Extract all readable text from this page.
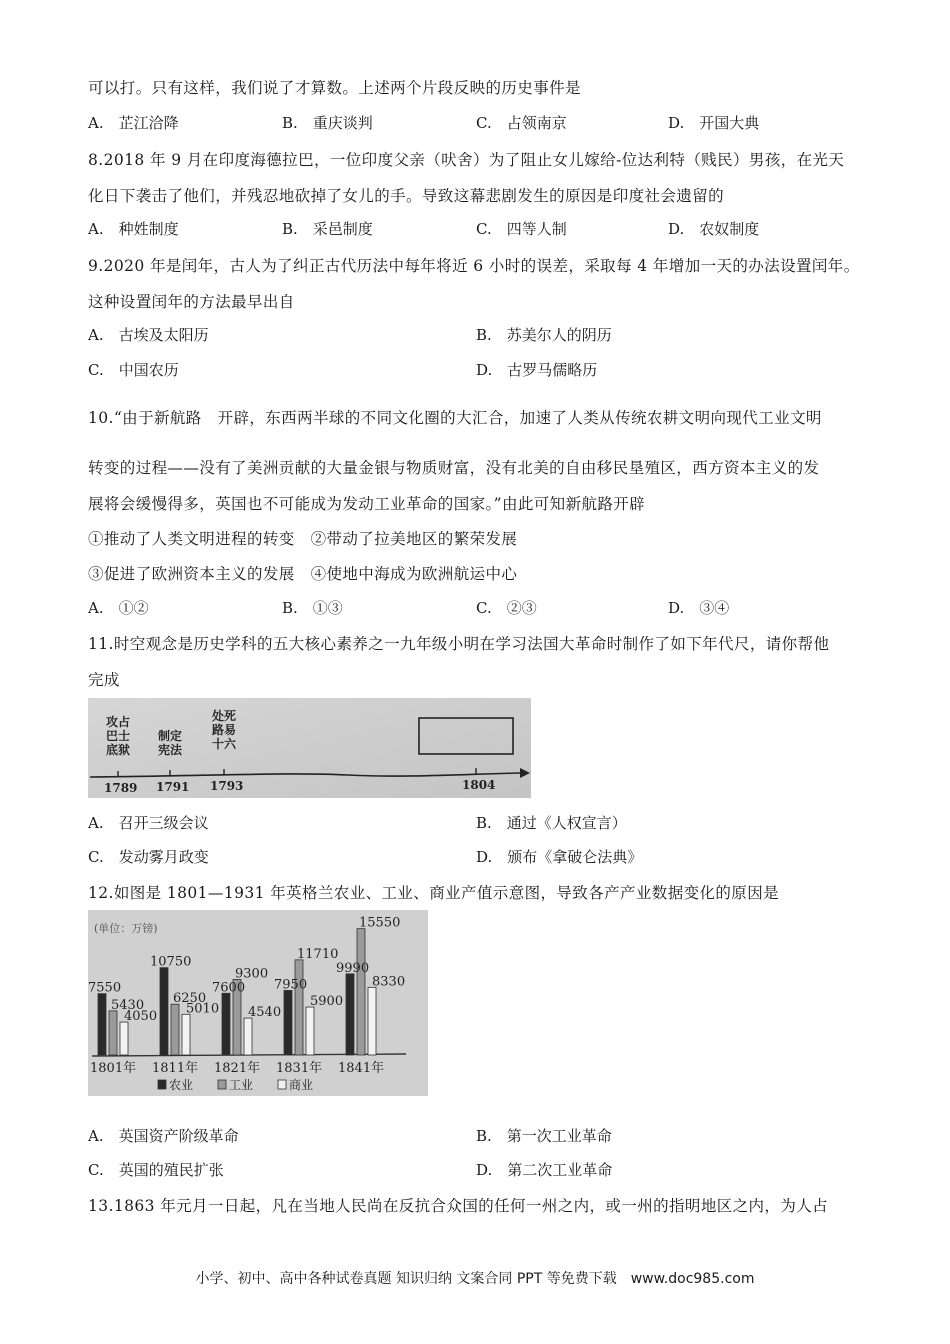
可以打。只有这样，我们说了才算数。上述两个片段反映的历史事件是
A.　芷江洽降	B.　重庆谈判	C.　占领南京	D.　开国大典
8.2018 年 9 月在印度海德拉巴，一位印度父亲（吠舍）为了阻止女儿嫁给-位达利特（贱民）男孩，在光天
化日下袭击了他们，并残忍地砍掉了女儿的手。导致这幕悲剧发生的原因是印度社会遗留的
A.　种姓制度	B.　采邑制度	C.　四等人制	D.　农奴制度
9.2020 年是闰年，古人为了纠正古代历法中每年将近 6 小时的误差，采取每 4 年增加一天的办法设置闰年。
这种设置闰年的方法最早出自
A.　古埃及太阳历	B.　苏美尔人的阴历
C.　中国农历	D.　古罗马儒略历
10.“由于新航路　开辟，东西两半球的不同文化圈的大汇合，加速了人类从传统农耕文明向现代工业文明
转变的过程——没有了美洲贡献的大量金银与物质财富，没有北美的自由移民垦殖区，西方资本主义的发
展将会缓慢得多，英国也不可能成为发动工业革命的国家。”由此可知新航路开辟
①推动了人类文明进程的转变　②带动了拉美地区的繁荣发展
③促进了欧洲资本主义的发展　④使地中海成为欧洲航运中心
A.　①②	B.　①③	C.　②③	D.　③④
11.时空观念是历史学科的五大核心素养之一九年级小明在学习法国大革命时制作了如下年代尺，请你帮他
完成
攻占
巴士
底狱
制定
宪法
处死
路易
十六
1789 1791 1793	1804
A.　召开三级会议	B.　通过《人权宣言）
C.　发动雾月政变	D.　颁布《拿破仑法典》
12.如图是 1801—1931 年英格兰农业、工业、商业产值示意图，导致各产产业数据变化的原因是
(单位：万镑)
7550
5430
4050
10750
6250
5010
7600
9300
4540
7950
11710
5900
9990
15550
8330
1801年 1811年 1821年 1831年 1841年
农业	工业	商业
A.　英国资产阶级革命	B.　第一次工业革命
C.　英国的殖民扩张	D.　第二次工业革命
13.1863 年元月一日起，凡在当地人民尚在反抗合众国的任何一州之内，或一州的指明地区之内，为人占
小学、初中、高中各种试卷真题 知识归纳 文案合同 PPT 等免费下载　www.doc985.com
